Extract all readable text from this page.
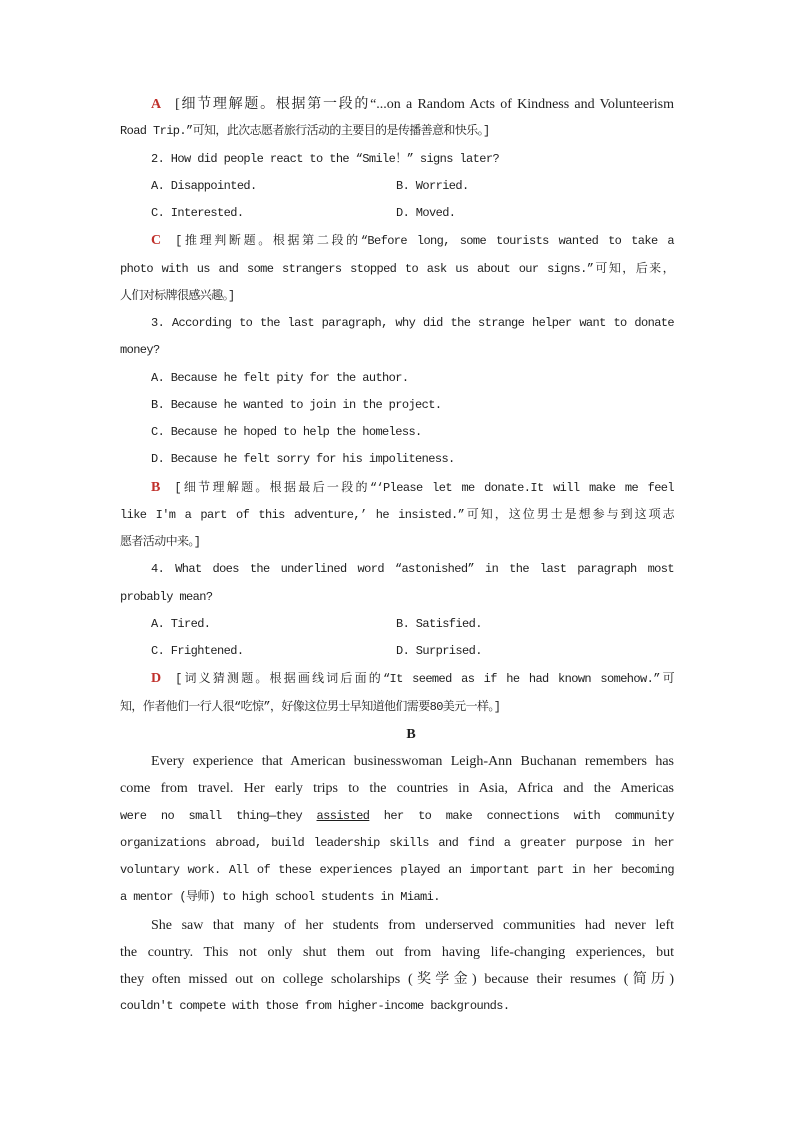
A [细节理解题。根据第一段的“...on a Random Acts of Kindness and Volunteerism
Road Trip.”可知，此次志愿者旅行活动的主要目的是传播善意和快乐。]
2. How did people react to the “Smile！” signs later?
A. Disappointed.	B. Worried.
C. Interested.	D. Moved.
C [推理判断题。根据第二段的“Before long, some tourists wanted to take a
photo with us and some strangers stopped to ask us about our signs.”可知，后来，
人们对标牌很感兴趣。]
3. According to the last paragraph, why did the strange helper want to donate
money?
A. Because he felt pity for the author.
B. Because he wanted to join in the project.
C. Because he hoped to help the homeless.
D. Because he felt sorry for his impoliteness.
B [细节理解题。根据最后一段的“‘Please let me donate.It will make me feel
like I'm a part of this adventure,’ he insisted.”可知，这位男士是想参与到这项志
愿者活动中来。]
4. What does the underlined word “astonished” in the last paragraph most
probably mean?
A. Tired.	B. Satisfied.
C. Frightened.	D. Surprised.
D [词义猜测题。根据画线词后面的“It seemed as if he had known somehow.”可
知，作者他们一行人很“吃惊”，好像这位男士早知道他们需要80美元一样。]
B
Every experience that American businesswoman Leigh-Ann Buchanan remembers has
come from travel. Her early trips to the countries in Asia, Africa and the Americas
were no small thing—they assisted her to make connections with community
organizations abroad, build leadership skills and find a greater purpose in her
voluntary work. All of these experiences played an important part in her becoming
a mentor (导师) to high school students in Miami.
She saw that many of her students from underserved communities had never left
the country. This not only shut them out from having life-changing experiences, but
they often missed out on college scholarships (奖学金) because their resumes (简历)
couldn't compete with those from higher-income backgrounds.
